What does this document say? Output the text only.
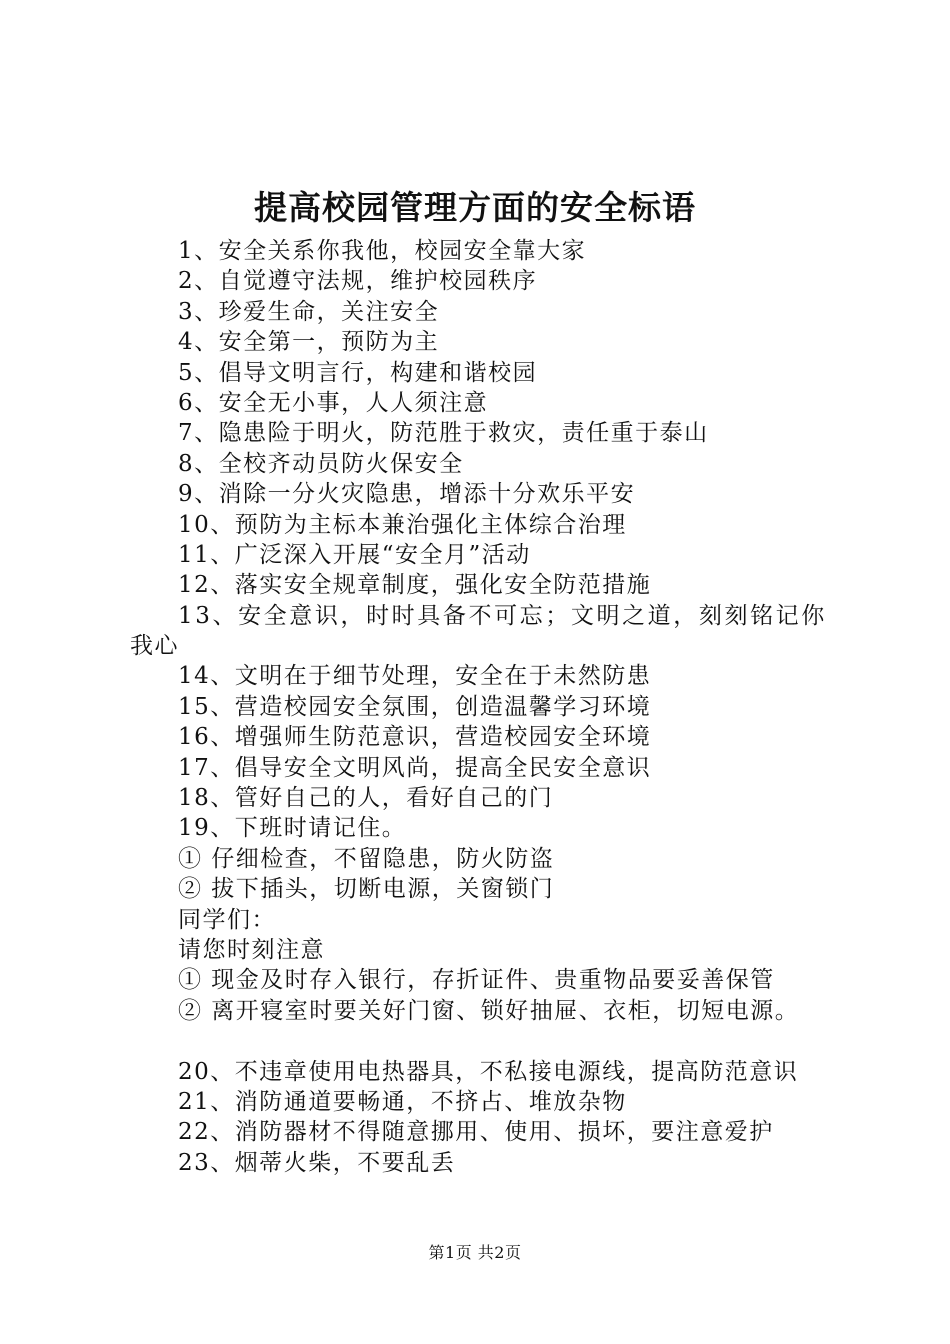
提高校园管理方面的安全标语
1、安全关系你我他，校园安全靠大家
2、自觉遵守法规，维护校园秩序
3、珍爱生命，关注安全
4、安全第一，预防为主
5、倡导文明言行，构建和谐校园
6、安全无小事，人人须注意
7、隐患险于明火，防范胜于救灾，责任重于泰山
8、全校齐动员防火保安全
9、消除一分火灾隐患，增添十分欢乐平安
10、预防为主标本兼治强化主体综合治理
11、广泛深入开展“安全月”活动
12、落实安全规章制度，强化安全防范措施
13、安全意识，时时具备不可忘；文明之道，刻刻铭记你
我心
14、文明在于细节处理，安全在于未然防患
15、营造校园安全氛围，创造温馨学习环境
16、增强师生防范意识，营造校园安全环境
17、倡导安全文明风尚，提高全民安全意识
18、管好自己的人，看好自己的门
19、下班时请记住。
① 仔细检查，不留隐患，防火防盗
② 拔下插头，切断电源，关窗锁门
同学们：
请您时刻注意
① 现金及时存入银行，存折证件、贵重物品要妥善保管
② 离开寝室时要关好门窗、锁好抽屉、衣柜，切短电源。
20、不违章使用电热器具，不私接电源线，提高防范意识
21、消防通道要畅通，不挤占、堆放杂物
22、消防器材不得随意挪用、使用、损坏，要注意爱护
23、烟蒂火柴，不要乱丢
第1页 共2页
